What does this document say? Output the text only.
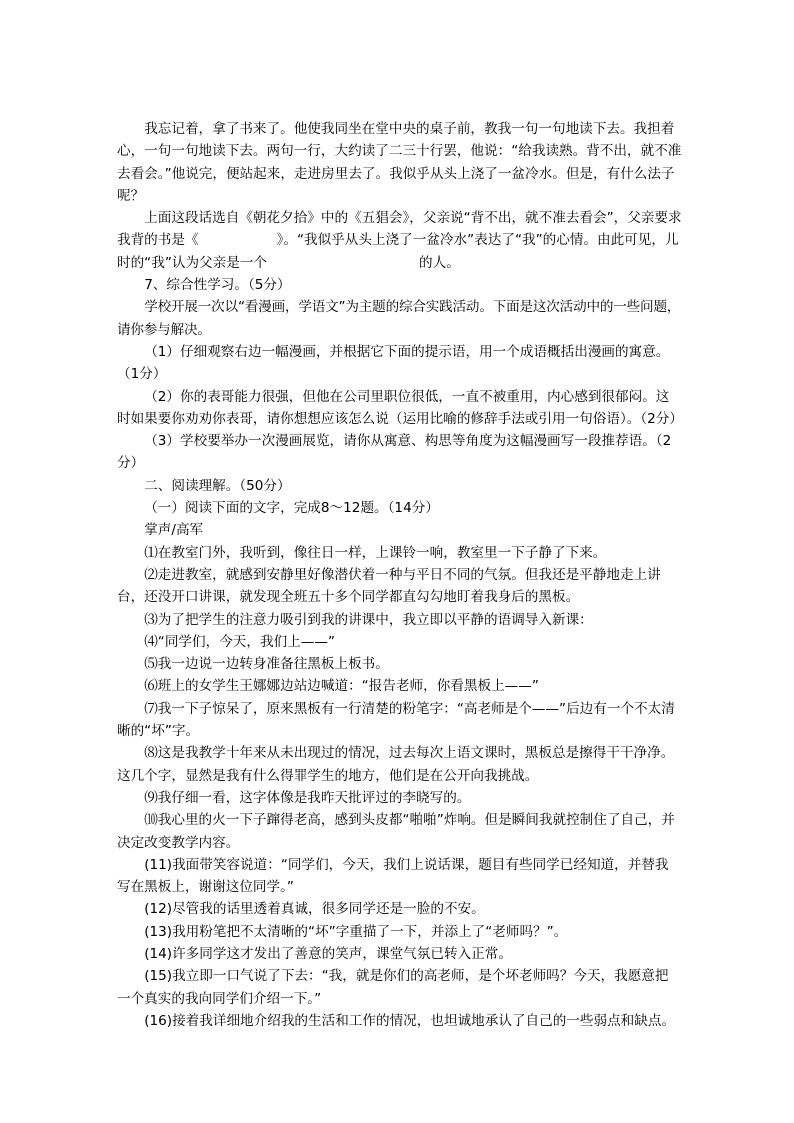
我忘记着，拿了书来了。他使我同坐在堂中央的桌子前，教我一句一句地读下去。我担着心，一句一句地读下去。两句一行，大约读了二三十行罢，他说：“给我读熟。背不出，就不准去看会。”他说完，便站起来，走进房里去了。我似乎从头上浇了一盆冷水。但是，有什么法子呢？

上面这段话选自《朝花夕拾》中的《五猖会》，父亲说“背不出，就不准去看会”，父亲要求我背的书是《	》。“我似乎从头上浇了一盆冷水”表达了“我”的心情。由此可见，儿时的“我”认为父亲是一个	的人。

7、综合性学习。（5分）

学校开展一次以“看漫画，学语文”为主题的综合实践活动。下面是这次活动中的一些问题，请你参与解决。

（1）仔细观察右边一幅漫画，并根据它下面的提示语，用一个成语概括出漫画的寓意。（1分）

（2）你的表哥能力很强，但他在公司里职位很低，一直不被重用，内心感到很郁闷。这时如果要你劝劝你表哥，请你想想应该怎么说（运用比喻的修辞手法或引用一句俗语）。（2分）

（3）学校要举办一次漫画展览，请你从寓意、构思等角度为这幅漫画写一段推荐语。（2分）

二、阅读理解。（50分）

（一）阅读下面的文字，完成8～12题。（14分）

掌声/高军

⑴在教室门外，我听到，像往日一样，上课铃一响，教室里一下子静了下来。

⑵走进教室，就感到安静里好像潜伏着一种与平日不同的气氛。但我还是平静地走上讲台，还没开口讲课，就发现全班五十多个同学都直勾勾地盯着我身后的黑板。

⑶为了把学生的注意力吸引到我的讲课中，我立即以平静的语调导入新课：

⑷“同学们，今天，我们上——”

⑸我一边说一边转身准备往黑板上板书。

⑹班上的女学生王娜娜边站边喊道：“报告老师，你看黑板上——”

⑺我一下子惊呆了，原来黑板有一行清楚的粉笔字：“高老师是个——”后边有一个不太清晰的“坏”字。

⑻这是我教学十年来从未出现过的情况，过去每次上语文课时，黑板总是擦得干干净净。这几个字，显然是我有什么得罪学生的地方，他们是在公开向我挑战。

⑼我仔细一看，这字体像是我昨天批评过的李晓写的。

⑽我心里的火一下子蹿得老高，感到头皮都“啪啪”炸响。但是瞬间我就控制住了自己，并决定改变教学内容。

(11)我面带笑容说道：“同学们，今天，我们上说话课，题目有些同学已经知道，并替我写在黑板上，谢谢这位同学。”

(12)尽管我的话里透着真诚，很多同学还是一脸的不安。

(13)我用粉笔把不太清晰的“坏”字重描了一下，并添上了“老师吗？”。

(14)许多同学这才发出了善意的笑声，课堂气氛已转入正常。

(15)我立即一口气说了下去：“我，就是你们的高老师，是个坏老师吗？今天，我愿意把一个真实的我向同学们介绍一下。”

(16)接着我详细地介绍我的生活和工作的情况，也坦诚地承认了自己的一些弱点和缺点。
